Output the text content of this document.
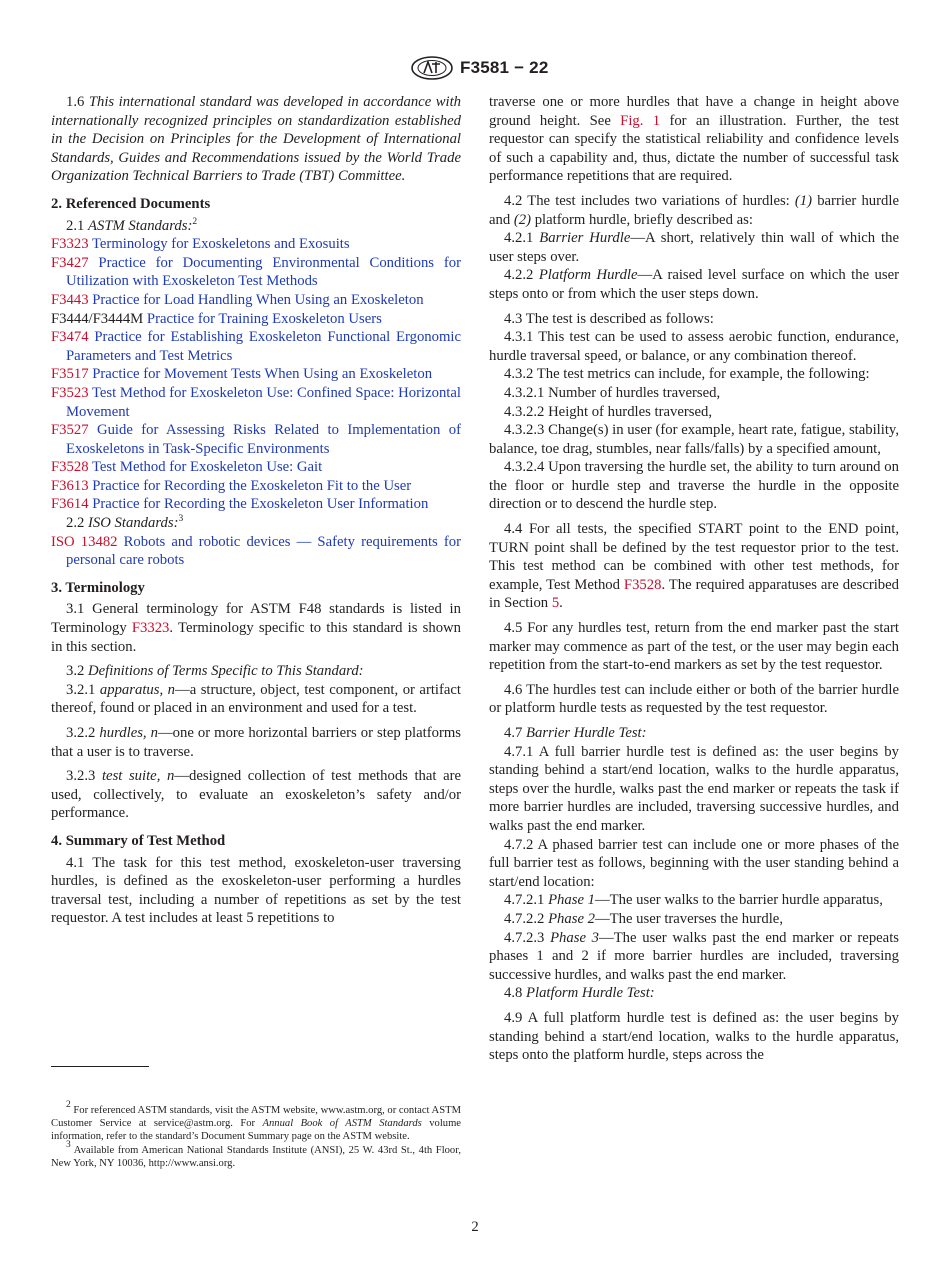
F3581 − 22

1.6 This international standard was developed in accordance with internationally recognized principles on standardization established in the Decision on Principles for the Development of International Standards, Guides and Recommendations issued by the World Trade Organization Technical Barriers to Trade (TBT) Committee.

2. Referenced Documents

2.1 ASTM Standards:$^2$

F3323 Terminology for Exoskeletons and Exosuits

F3427 Practice for Documenting Environmental Conditions for Utilization with Exoskeleton Test Methods

F3443 Practice for Load Handling When Using an Exoskeleton

F3444/F3444M Practice for Training Exoskeleton Users

F3474 Practice for Establishing Exoskeleton Functional Ergonomic Parameters and Test Metrics

F3517 Practice for Movement Tests When Using an Exoskeleton

F3523 Test Method for Exoskeleton Use: Confined Space: Horizontal Movement

F3527 Guide for Assessing Risks Related to Implementation of Exoskeletons in Task-Specific Environments

F3528 Test Method for Exoskeleton Use: Gait

F3613 Practice for Recording the Exoskeleton Fit to the User

F3614 Practice for Recording the Exoskeleton User Information

2.2 ISO Standards:$^3$

ISO 13482 Robots and robotic devices — Safety requirements for personal care robots

3. Terminology

3.1 General terminology for ASTM F48 standards is listed in Terminology F3323. Terminology specific to this standard is shown in this section.

3.2 Definitions of Terms Specific to This Standard:

3.2.1 apparatus, n—a structure, object, test component, or artifact thereof, found or placed in an environment and used for a test.

3.2.2 hurdles, n—one or more horizontal barriers or step platforms that a user is to traverse.

3.2.3 test suite, n—designed collection of test methods that are used, collectively, to evaluate an exoskeleton’s safety and/or performance.

4. Summary of Test Method

4.1 The task for this test method, exoskeleton-user traversing hurdles, is defined as the exoskeleton-user performing a hurdles traversal test, including a number of repetitions as set by the test requestor. A test includes at least 5 repetitions to

traverse one or more hurdles that have a change in height above ground height. See Fig. 1 for an illustration. Further, the test requestor can specify the statistical reliability and confidence levels of such a capability and, thus, dictate the number of successful task performance repetitions that are required.

4.2 The test includes two variations of hurdles: (1) barrier hurdle and (2) platform hurdle, briefly described as:

4.2.1 Barrier Hurdle—A short, relatively thin wall of which the user steps over.

4.2.2 Platform Hurdle—A raised level surface on which the user steps onto or from which the user steps down.

4.3 The test is described as follows:

4.3.1 This test can be used to assess aerobic function, endurance, hurdle traversal speed, or balance, or any combination thereof.

4.3.2 The test metrics can include, for example, the following:

4.3.2.1 Number of hurdles traversed,

4.3.2.2 Height of hurdles traversed,

4.3.2.3 Change(s) in user (for example, heart rate, fatigue, stability, balance, toe drag, stumbles, near falls/falls) by a specified amount,

4.3.2.4 Upon traversing the hurdle set, the ability to turn around on the floor or hurdle step and traverse the hurdle in the opposite direction or to descend the hurdle step.

4.4 For all tests, the specified START point to the END point, TURN point shall be defined by the test requestor prior to the test. This test method can be combined with other test methods, for example, Test Method F3528. The required apparatuses are described in Section 5.

4.5 For any hurdles test, return from the end marker past the start marker may commence as part of the test, or the user may begin each repetition from the start-to-end markers as set by the test requestor.

4.6 The hurdles test can include either or both of the barrier hurdle or platform hurdle tests as requested by the test requestor.

4.7 Barrier Hurdle Test:

4.7.1 A full barrier hurdle test is defined as: the user begins by standing behind a start/end location, walks to the hurdle apparatus, steps over the hurdle, walks past the end marker or repeats the task if more barrier hurdles are included, traversing successive hurdles, and walks past the end marker.

4.7.2 A phased barrier test can include one or more phases of the full barrier test as follows, beginning with the user standing behind a start/end location:

4.7.2.1 Phase 1—The user walks to the barrier hurdle apparatus,

4.7.2.2 Phase 2—The user traverses the hurdle,

4.7.2.3 Phase 3—The user walks past the end marker or repeats phases 1 and 2 if more barrier hurdles are included, traversing successive hurdles, and walks past the end marker.

4.8 Platform Hurdle Test:

4.9 A full platform hurdle test is defined as: the user begins by standing behind a start/end location, walks to the hurdle apparatus, steps onto the platform hurdle, steps across the

$^2$ For referenced ASTM standards, visit the ASTM website, www.astm.org, or contact ASTM Customer Service at service@astm.org. For Annual Book of ASTM Standards volume information, refer to the standard’s Document Summary page on the ASTM website.

$^3$ Available from American National Standards Institute (ANSI), 25 W. 43rd St., 4th Floor, New York, NY 10036, http://www.ansi.org.

2
